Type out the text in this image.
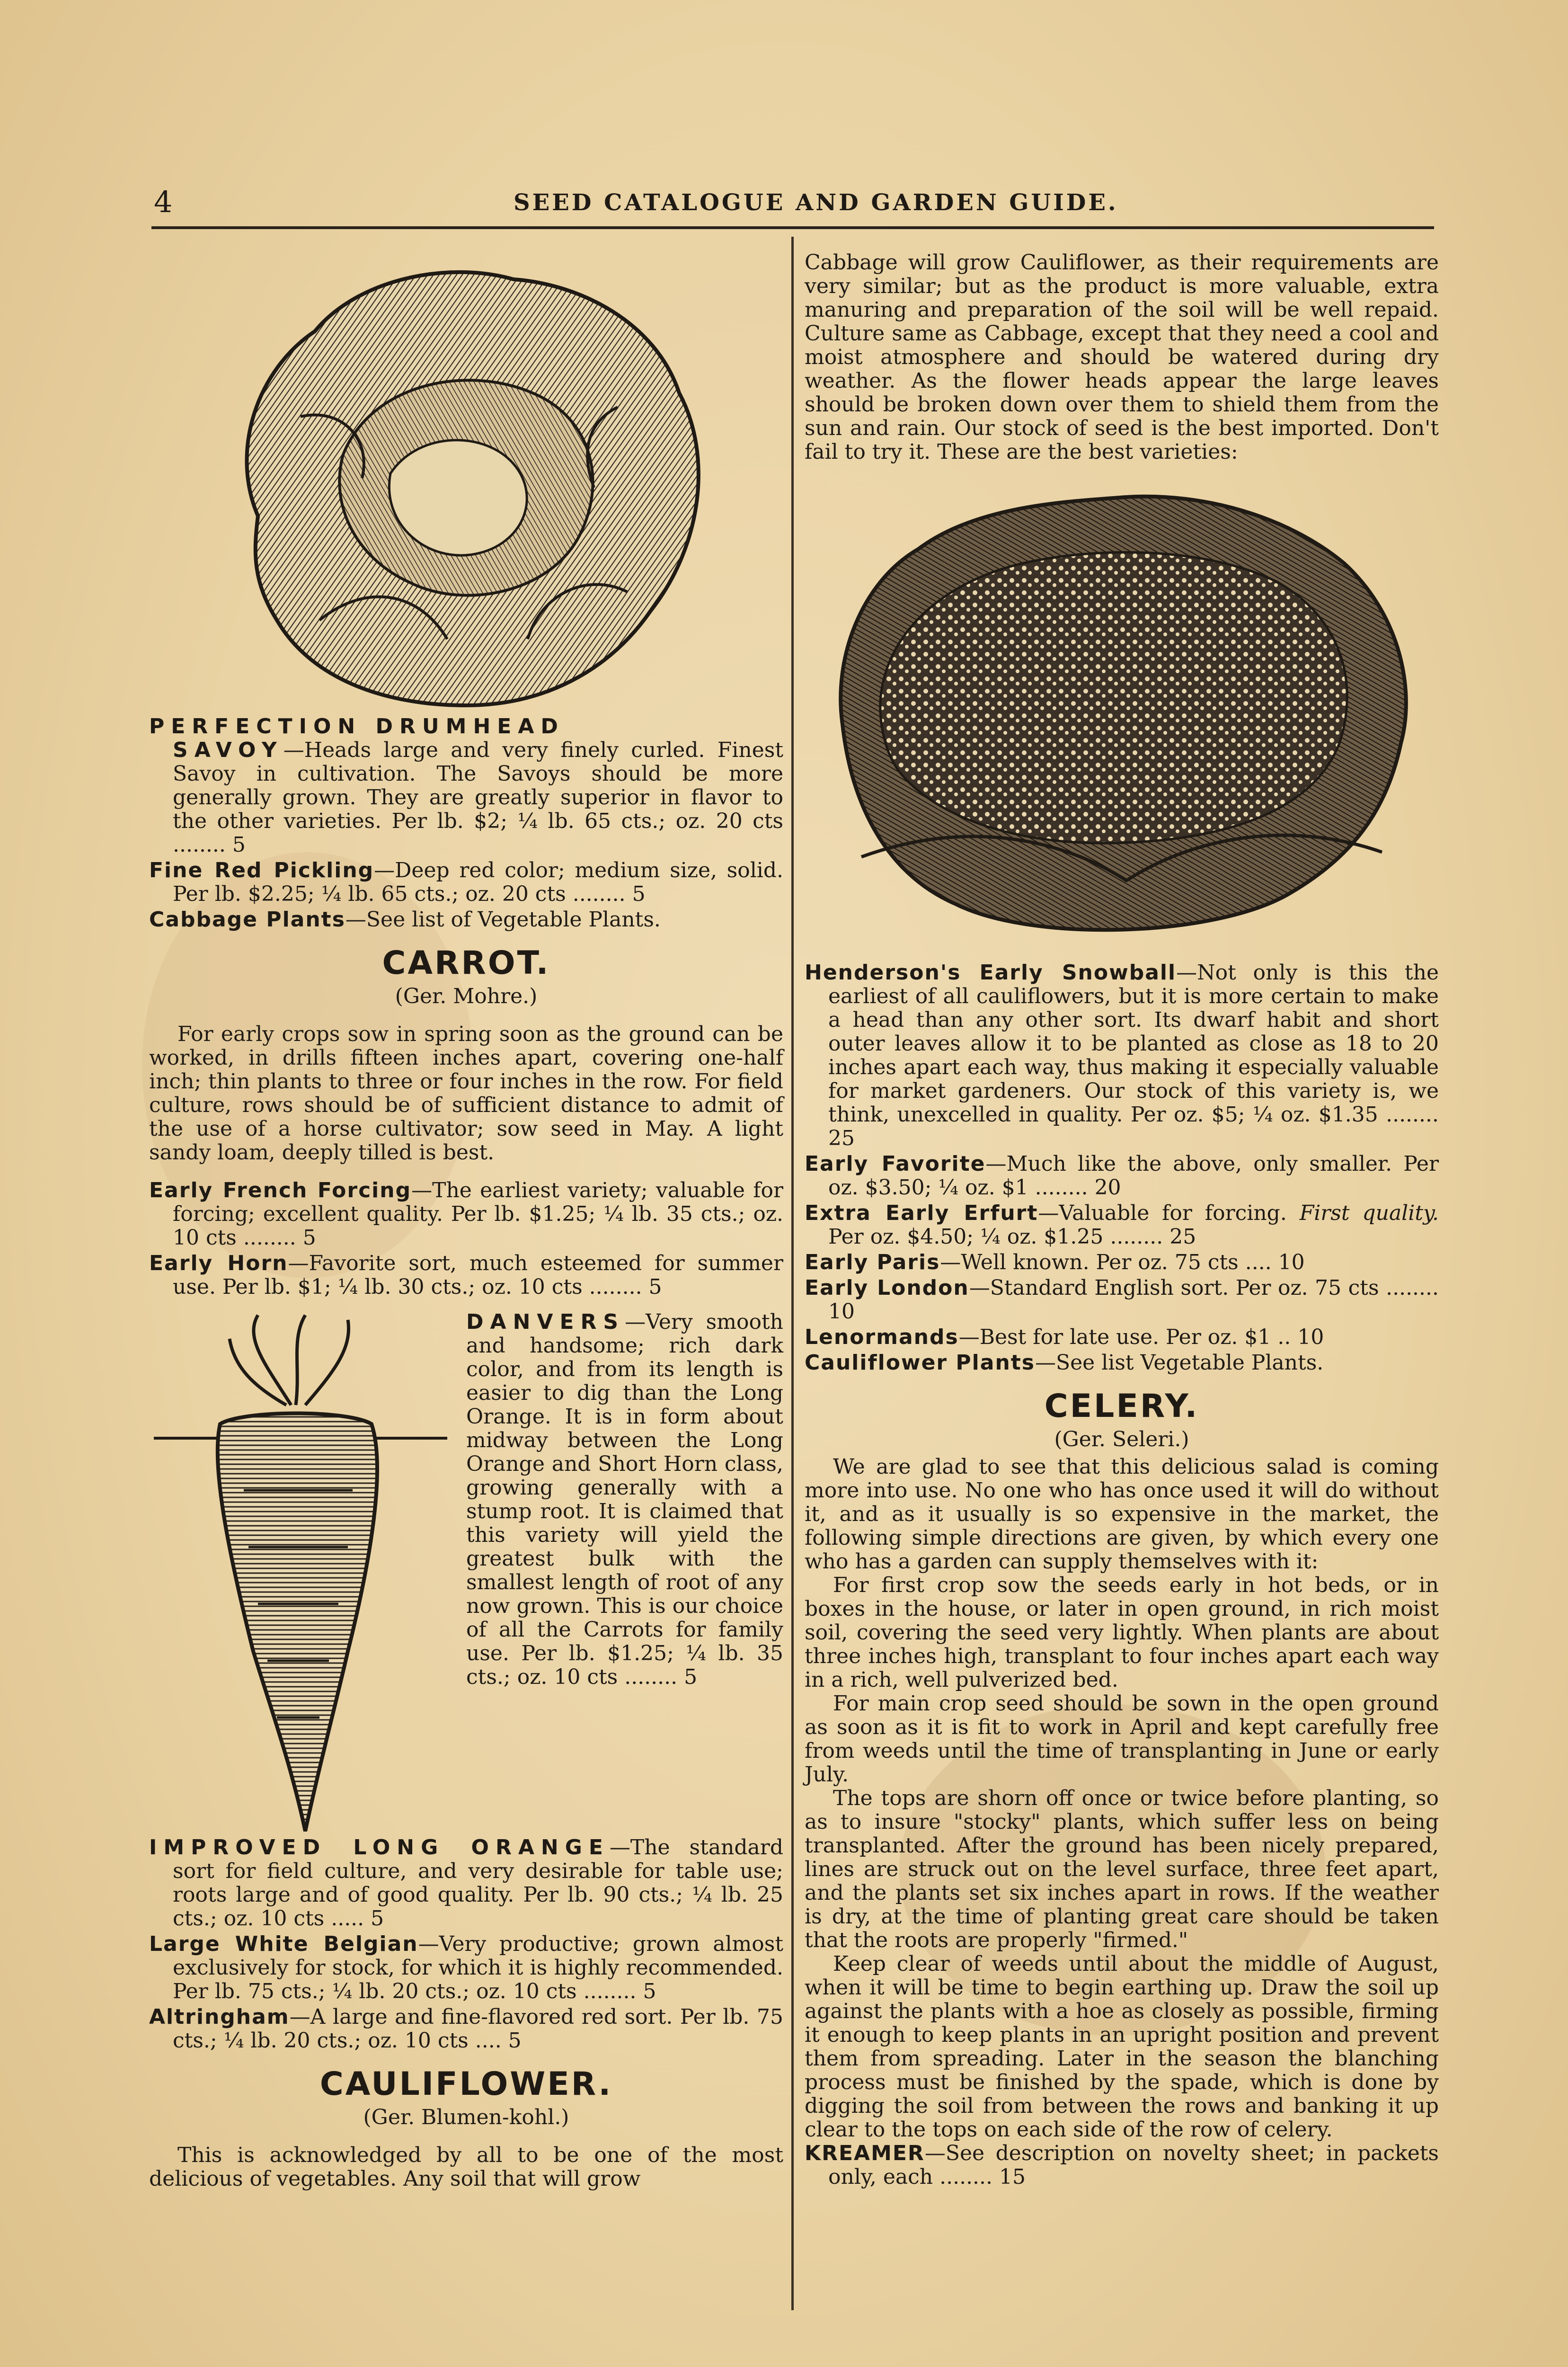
4	SEED CATALOGUE AND GARDEN GUIDE.

PERFECTION DRUMHEAD
SAVOY—Heads large and very finely curled. Finest Savoy in cultivation. The Savoys should be more generally grown. They are greatly superior in flavor to the other varieties. Per lb. $2; ¼ lb. 65 cts.; oz. 20 cts ........ 5

Fine Red Pickling—Deep red color; medium size, solid. Per lb. $2.25; ¼ lb. 65 cts.; oz. 20 cts ........ 5

Cabbage Plants—See list of Vegetable Plants.

CARROT.
(Ger. Mohre.)

For early crops sow in spring soon as the ground can be worked, in drills fifteen inches apart, covering one-half inch; thin plants to three or four inches in the row. For field culture, rows should be of sufficient distance to admit of the use of a horse cultivator; sow seed in May. A light sandy loam, deeply tilled is best.

Early French Forcing—The earliest variety; valuable for forcing; excellent quality. Per lb. $1.25; ¼ lb. 35 cts.; oz. 10 cts ........ 5

Early Horn—Favorite sort, much esteemed for summer use. Per lb. $1; ¼ lb. 30 cts.; oz. 10 cts ........ 5

DANVERS—Very smooth and handsome; rich dark color, and from its length is easier to dig than the Long Orange. It is in form about midway between the Long Orange and Short Horn class, growing generally with a stump root. It is claimed that this variety will yield the greatest bulk with the smallest length of root of any now grown. This is our choice of all the Carrots for family use. Per lb. $1.25; ¼ lb. 35 cts.; oz. 10 cts ........ 5

IMPROVED LONG ORANGE—The standard sort for field culture, and very desirable for table use; roots large and of good quality. Per lb. 90 cts.; ¼ lb. 25 cts.; oz. 10 cts ..... 5

Large White Belgian—Very productive; grown almost exclusively for stock, for which it is highly recommended. Per lb. 75 cts.; ¼ lb. 20 cts.; oz. 10 cts ........ 5

Altringham—A large and fine-flavored red sort. Per lb. 75 cts.; ¼ lb. 20 cts.; oz. 10 cts .... 5

CAULIFLOWER.
(Ger. Blumen-kohl.)

This is acknowledged by all to be one of the most delicious of vegetables. Any soil that will grow

Cabbage will grow Cauliflower, as their requirements are very similar; but as the product is more valuable, extra manuring and preparation of the soil will be well repaid. Culture same as Cabbage, except that they need a cool and moist atmosphere and should be watered during dry weather. As the flower heads appear the large leaves should be broken down over them to shield them from the sun and rain. Our stock of seed is the best imported. Don't fail to try it. These are the best varieties:

Henderson's Early Snowball—Not only is this the earliest of all cauliflowers, but it is more certain to make a head than any other sort. Its dwarf habit and short outer leaves allow it to be planted as close as 18 to 20 inches apart each way, thus making it especially valuable for market gardeners. Our stock of this variety is, we think, unexcelled in quality. Per oz. $5; ¼ oz. $1.35 ........ 25

Early Favorite—Much like the above, only smaller. Per oz. $3.50; ¼ oz. $1 ........ 20

Extra Early Erfurt—Valuable for forcing. First quality. Per oz. $4.50; ¼ oz. $1.25 ........ 25

Early Paris—Well known. Per oz. 75 cts .... 10

Early London—Standard English sort. Per oz. 75 cts ........ 10

Lenormands—Best for late use. Per oz. $1 .. 10

Cauliflower Plants—See list Vegetable Plants.

CELERY.
(Ger. Seleri.)

We are glad to see that this delicious salad is coming more into use. No one who has once used it will do without it, and as it usually is so expensive in the market, the following simple directions are given, by which every one who has a garden can supply themselves with it:

For first crop sow the seeds early in hot beds, or in boxes in the house, or later in open ground, in rich moist soil, covering the seed very lightly. When plants are about three inches high, transplant to four inches apart each way in a rich, well pulverized bed.

For main crop seed should be sown in the open ground as soon as it is fit to work in April and kept carefully free from weeds until the time of transplanting in June or early July.

The tops are shorn off once or twice before planting, so as to insure "stocky" plants, which suffer less on being transplanted. After the ground has been nicely prepared, lines are struck out on the level surface, three feet apart, and the plants set six inches apart in rows. If the weather is dry, at the time of planting great care should be taken that the roots are properly "firmed."

Keep clear of weeds until about the middle of August, when it will be time to begin earthing up. Draw the soil up against the plants with a hoe as closely as possible, firming it enough to keep plants in an upright position and prevent them from spreading. Later in the season the blanching process must be finished by the spade, which is done by digging the soil from between the rows and banking it up clear to the tops on each side of the row of celery.

KREAMER—See description on novelty sheet; in packets only, each ........ 15
